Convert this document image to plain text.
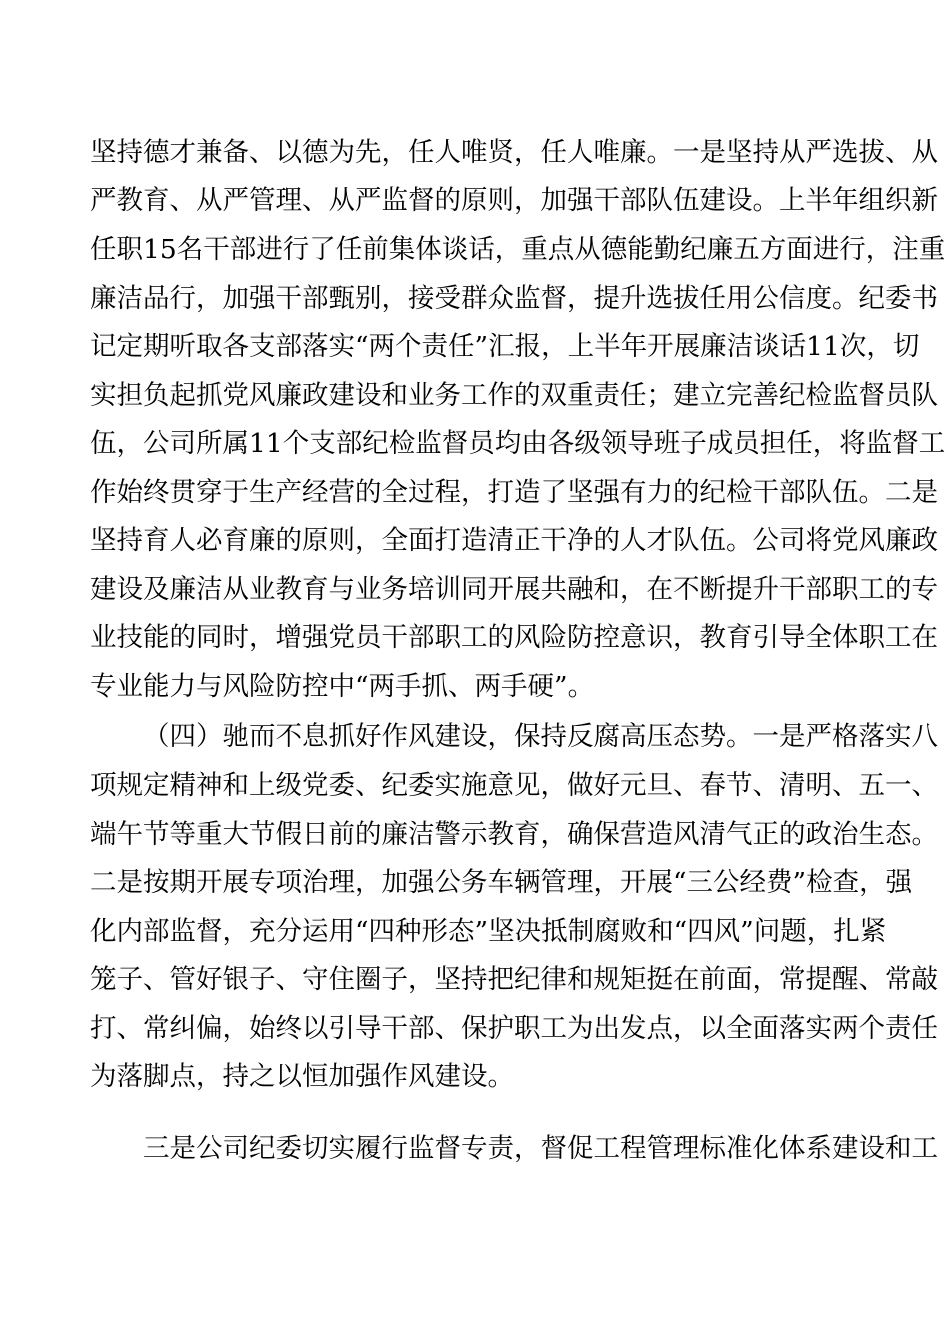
坚持德才兼备、以德为先，任人唯贤，任人唯廉。一是坚持从严选拔、从
严教育、从严管理、从严监督的原则，加强干部队伍建设。上半年组织新
任职15名干部进行了任前集体谈话，重点从德能勤纪廉五方面进行，注重
廉洁品行，加强干部甄别，接受群众监督，提升选拔任用公信度。纪委书
记定期听取各支部落实“两个责任”汇报，上半年开展廉洁谈话11次，切
实担负起抓党风廉政建设和业务工作的双重责任；建立完善纪检监督员队
伍，公司所属11个支部纪检监督员均由各级领导班子成员担任，将监督工
作始终贯穿于生产经营的全过程，打造了坚强有力的纪检干部队伍。二是
坚持育人必育廉的原则，全面打造清正干净的人才队伍。公司将党风廉政
建设及廉洁从业教育与业务培训同开展共融和，在不断提升干部职工的专
业技能的同时，增强党员干部职工的风险防控意识，教育引导全体职工在
专业能力与风险防控中“两手抓、两手硬”。
（四）驰而不息抓好作风建设，保持反腐高压态势。一是严格落实八
项规定精神和上级党委、纪委实施意见，做好元旦、春节、清明、五一、
端午节等重大节假日前的廉洁警示教育，确保营造风清气正的政治生态。
二是按期开展专项治理，加强公务车辆管理，开展“三公经费”检查，强
化内部监督，充分运用“四种形态”坚决抵制腐败和“四风”问题，扎紧
笼子、管好银子、守住圈子，坚持把纪律和规矩挺在前面，常提醒、常敲
打、常纠偏，始终以引导干部、保护职工为出发点，以全面落实两个责任
为落脚点，持之以恒加强作风建设。
三是公司纪委切实履行监督专责，督促工程管理标准化体系建设和工
